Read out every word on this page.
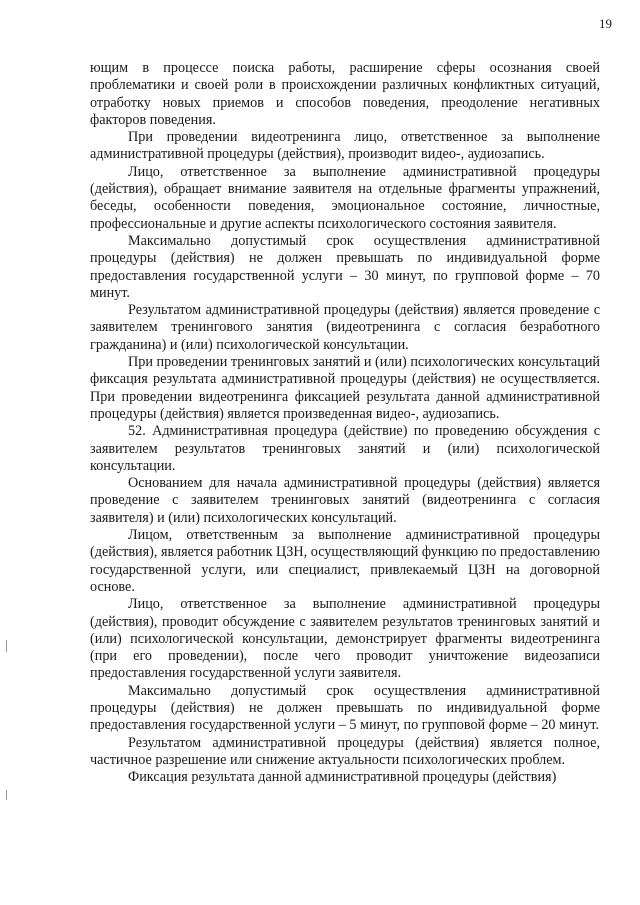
19

ющим в процессе поиска работы, расширение сферы осознания своей проблематики и своей роли в происхождении различных конфликтных ситуаций, отработку новых приемов и способов поведения, преодоление негативных факторов поведения.

При проведении видеотренинга лицо, ответственное за выполнение административной процедуры (действия), производит видео-, аудиозапись.

Лицо, ответственное за выполнение административной процедуры (действия), обращает внимание заявителя на отдельные фрагменты упражнений, беседы, особенности поведения, эмоциональное состояние, личностные, профессиональные и другие аспекты психологического состояния заявителя.

Максимально допустимый срок осуществления административной процедуры (действия) не должен превышать по индивидуальной форме предоставления государственной услуги – 30 минут, по групповой форме – 70 минут.

Результатом административной процедуры (действия) является проведение с заявителем тренингового занятия (видеотренинга с согласия безработного гражданина) и (или) психологической консультации.

При проведении тренинговых занятий и (или) психологических консультаций фиксация результата административной процедуры (действия) не осуществляется. При проведении видеотренинга фиксацией результата данной административной процедуры (действия) является произведенная видео-, аудиозапись.

52. Административная процедура (действие) по проведению обсуждения с заявителем результатов тренинговых занятий и (или) психологической консультации.

Основанием для начала административной процедуры (действия) является проведение с заявителем тренинговых занятий (видеотренинга с согласия заявителя) и (или) психологических консультаций.

Лицом, ответственным за выполнение административной процедуры (действия), является работник ЦЗН, осуществляющий функцию по предоставлению государственной услуги, или специалист, привлекаемый ЦЗН на договорной основе.

Лицо, ответственное за выполнение административной процедуры (действия), проводит обсуждение с заявителем результатов тренинговых занятий и (или) психологической консультации, демонстрирует фрагменты видеотренинга (при его проведении), после чего проводит уничтожение видеозаписи предоставления государственной услуги заявителя.

Максимально допустимый срок осуществления административной процедуры (действия) не должен превышать по индивидуальной форме предоставления государственной услуги – 5 минут, по групповой форме – 20 минут.

Результатом административной процедуры (действия) является полное, частичное разрешение или снижение актуальности психологических проблем.

Фиксация результата данной административной процедуры (действия)
